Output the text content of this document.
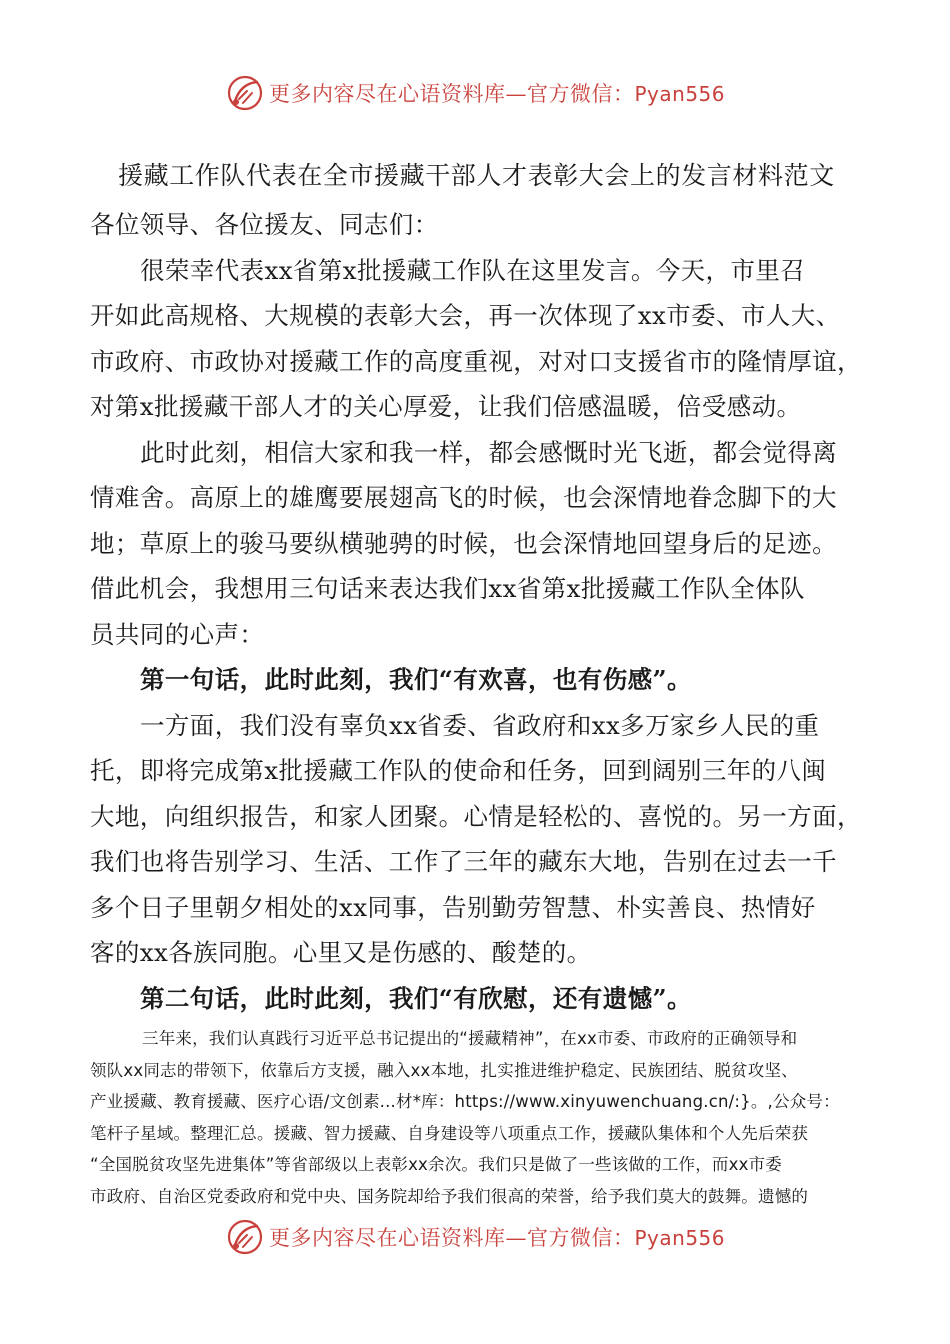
更多内容尽在心语资料库—官方微信：Pyan556
援藏工作队代表在全市援藏干部人才表彰大会上的发言材料范文

各位领导、各位援友、同志们：

很荣幸代表xx省第x批援藏工作队在这里发言。今天，市里召

开如此高规格、大规模的表彰大会，再一次体现了xx市委、市人大、

市政府、市政协对援藏工作的高度重视，对对口支援省市的隆情厚谊，

对第x批援藏干部人才的关心厚爱，让我们倍感温暖，倍受感动。

此时此刻，相信大家和我一样，都会感慨时光飞逝，都会觉得离

情难舍。高原上的雄鹰要展翅高飞的时候，也会深情地眷念脚下的大

地；草原上的骏马要纵横驰骋的时候，也会深情地回望身后的足迹。

借此机会，我想用三句话来表达我们xx省第x批援藏工作队全体队

员共同的心声：

第一句话，此时此刻，我们“有欢喜，也有伤感”。

一方面，我们没有辜负xx省委、省政府和xx多万家乡人民的重

托，即将完成第x批援藏工作队的使命和任务，回到阔别三年的八闽

大地，向组织报告，和家人团聚。心情是轻松的、喜悦的。另一方面，

我们也将告别学习、生活、工作了三年的藏东大地，告别在过去一千

多个日子里朝夕相处的xx同事，告别勤劳智慧、朴实善良、热情好

客的xx各族同胞。心里又是伤感的、酸楚的。

第二句话，此时此刻，我们“有欣慰，还有遗憾”。

三年来，我们认真践行习近平总书记提出的“援藏精神”，在xx市委、市政府的正确领导和

领队xx同志的带领下，依靠后方支援，融入xx本地，扎实推进维护稳定、民族团结、脱贫攻坚、

产业援藏、教育援藏、医疗心语/文创素...材*库：https://www.xinyuwenchuang.cn/:}。,公众号：

笔杆子星域。整理汇总。援藏、智力援藏、自身建设等八项重点工作，援藏队集体和个人先后荣获

“全国脱贫攻坚先进集体”等省部级以上表彰xx余次。我们只是做了一些该做的工作，而xx市委

市政府、自治区党委政府和党中央、国务院却给予我们很高的荣誉，给予我们莫大的鼓舞。遗憾的

更多内容尽在心语资料库—官方微信：Pyan556
